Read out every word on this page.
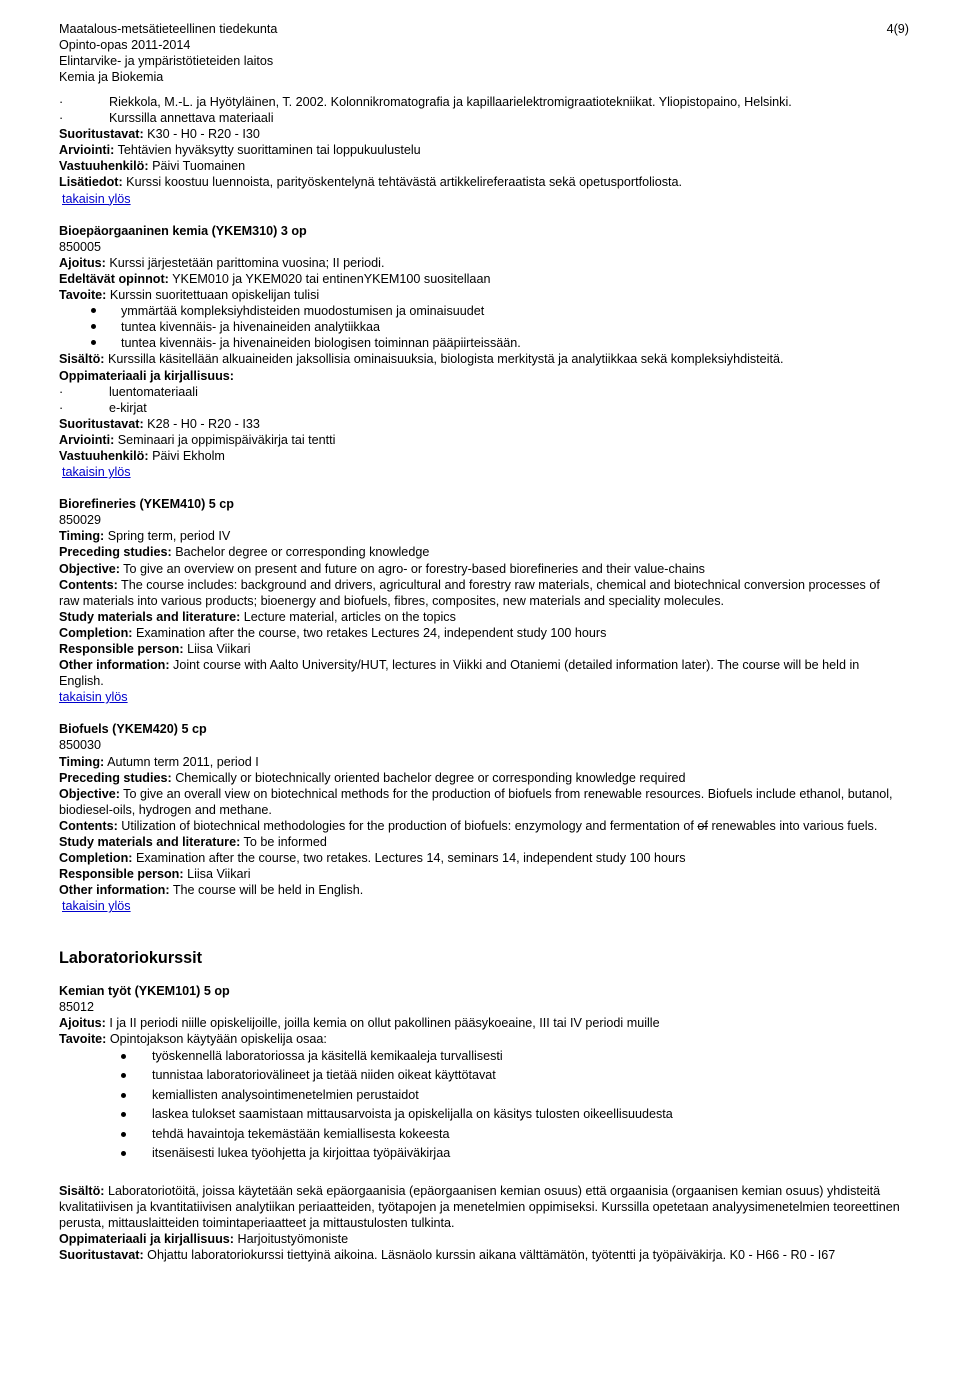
Maatalous-metsätieteellinen tiedekunta
Opinto-opas 2011-2014
Elintarvike- ja ympäristötieteiden laitos
Kemia ja Biokemia
4(9)
·	Riekkola, M.-L. ja Hyötyläinen, T. 2002. Kolonnikromatografia ja kapillaarielektromigraatiotekniikat. Yliopistopaino, Helsinki.
·	Kurssilla annettava materiaali
Suoritustavat: K30 - H0 - R20 - I30
Arviointi: Tehtävien hyväksytty suorittaminen tai loppukuulustelu
Vastuuhenkilö: Päivi Tuomainen
Lisätiedot: Kurssi koostuu luennoista, parityöskentelynä tehtävästä artikkelireferaatista sekä opetusportfoliosta.
takaisin ylös
Bioepäorgaaninen kemia (YKEM310) 3 op
850005
Ajoitus: Kurssi järjestetään parittomina vuosina; II periodi.
Edeltävät opinnot: YKEM010 ja YKEM020 tai entinenYKEM100 suositellaan
Tavoite: Kurssin suoritettuaan opiskelijan tulisi
ymmärtää kompleksiyhdisteiden muodostumisen ja ominaisuudet
tuntea kivennäis- ja hivenaineiden analytiikkaa
tuntea kivennäis- ja hivenaineiden biologisen toiminnan pääpiirteissään.
Sisältö: Kurssilla käsitellään alkuaineiden jaksollisia ominaisuuksia, biologista merkitystä ja analytiikkaa sekä kompleksiyhdisteitä.
Oppimateriaali ja kirjallisuus:
·	luentomateriaali
·	e-kirjat
Suoritustavat: K28 - H0 - R20 - I33
Arviointi: Seminaari ja oppimispäiväkirja tai tentti
Vastuuhenkilö: Päivi Ekholm
takaisin ylös
Biorefineries (YKEM410) 5 cp
850029
Timing: Spring term, period IV
Preceding studies: Bachelor degree or corresponding knowledge
Objective: To give an overview on present and future on agro- or forestry-based biorefineries and their value-chains
Contents: The course includes: background and drivers, agricultural and forestry raw materials, chemical and biotechnical conversion processes of raw materials into various products; bioenergy and biofuels, fibres, composites, new materials and speciality molecules.
Study materials and literature: Lecture material, articles on the topics
Completion: Examination after the course, two retakes Lectures 24, independent study 100 hours
Responsible person: Liisa Viikari
Other information: Joint course with Aalto University/HUT, lectures in Viikki and Otaniemi (detailed information later). The course will be held in English.
takaisin ylös
Biofuels (YKEM420) 5 cp
850030
Timing: Autumn term 2011, period I
Preceding studies: Chemically or biotechnically oriented bachelor degree or corresponding knowledge required
Objective: To give an overall view on biotechnical methods for the production of biofuels from renewable resources. Biofuels include ethanol, butanol, biodiesel-oils, hydrogen and methane.
Contents: Utilization of biotechnical methodologies for the production of biofuels: enzymology and fermentation of of renewables into various fuels.
Study materials and literature: To be informed
Completion: Examination after the course, two retakes. Lectures 14, seminars 14, independent study 100 hours
Responsible person: Liisa Viikari
Other information: The course will be held in English.
takaisin ylös
Laboratoriokurssit
Kemian työt (YKEM101) 5 op
85012
Ajoitus: I ja II periodi niille opiskelijoille, joilla kemia on ollut pakollinen pääsykoeaine, III tai IV periodi muille
Tavoite: Opintojakson käytyään opiskelija osaa:
työskennellä laboratoriossa ja käsitellä kemikaaleja turvallisesti
tunnistaa laboratoriovälineet ja tietää niiden oikeat käyttötavat
kemiallisten analysointimenetelmien perustaidot
laskea tulokset saamistaan mittausarvoista ja opiskelijalla on käsitys tulosten oikeellisuudesta
tehdä havaintoja tekemästään kemiallisesta kokeesta
itsenäisesti lukea työohjetta ja kirjoittaa työpäiväkirjaa
Sisältö: Laboratoriotöitä, joissa käytetään sekä epäorgaanisia (epäorgaanisen kemian osuus) että orgaanisia (orgaanisen kemian osuus) yhdisteitä kvalitatiivisen ja kvantitatiivisen analytiikan periaatteiden, työtapojen ja menetelmien oppimiseksi. Kurssilla opetetaan analyysimenetelmien teoreettinen perusta, mittauslaitteiden toimintaperiaatteet ja mittaustulosten tulkinta.
Oppimateriaali ja kirjallisuus: Harjoitustyömoniste
Suoritustavat: Ohjattu laboratoriokurssi tiettyinä aikoina. Läsnäolo kurssin aikana välttämätön, työtentti ja työpäiväkirja. K0 - H66 - R0 - I67
